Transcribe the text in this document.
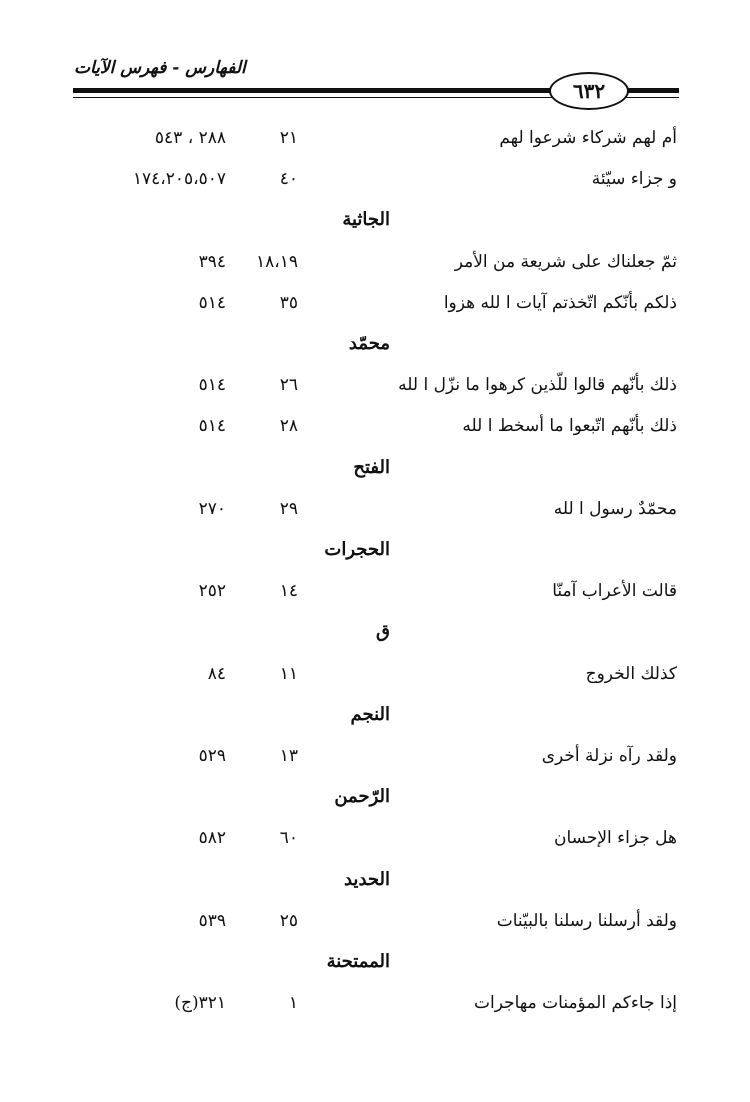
الفهارس - فهرس الآيات
٦٣٢
أم لهم شركاء شرعوا لهم
٢١
٢٨٨ ، ٥٤٣
و جزاء سيّئة
٤٠
١٧٤،٢٠٥،٥٠٧
الجاثية
ثمّ جعلناك على شريعة من الأمر
١٨،١٩
٣٩٤
ذلكم بأنّكم اتّخذتم آيات ا لله هزوا
٣٥
٥١٤
محمّد
ذلك بأنّهم قالوا للّذين كرهوا ما نزّل ا لله
٢٦
٥١٤
ذلك بأنّهم اتّبعوا ما أسخط ا لله
٢٨
٥١٤
الفتح
محمّدٌ رسول ا لله
٢٩
٢٧٠
الحجرات
قالت الأعراب آمنّا
١٤
٢٥٢
ق
كذلك الخروج
١١
٨٤
النجم
ولقد رآه نزلة أخرى
١٣
٥٢٩
الرّحمن
هل جزاء الإحسان
٦٠
٥٨٢
الحديد
ولقد أرسلنا رسلنا بالبيّنات
٢٥
٥٣٩
الممتحنة
إذا جاءكم المؤمنات مهاجرات
١
(ج)٣٢١
